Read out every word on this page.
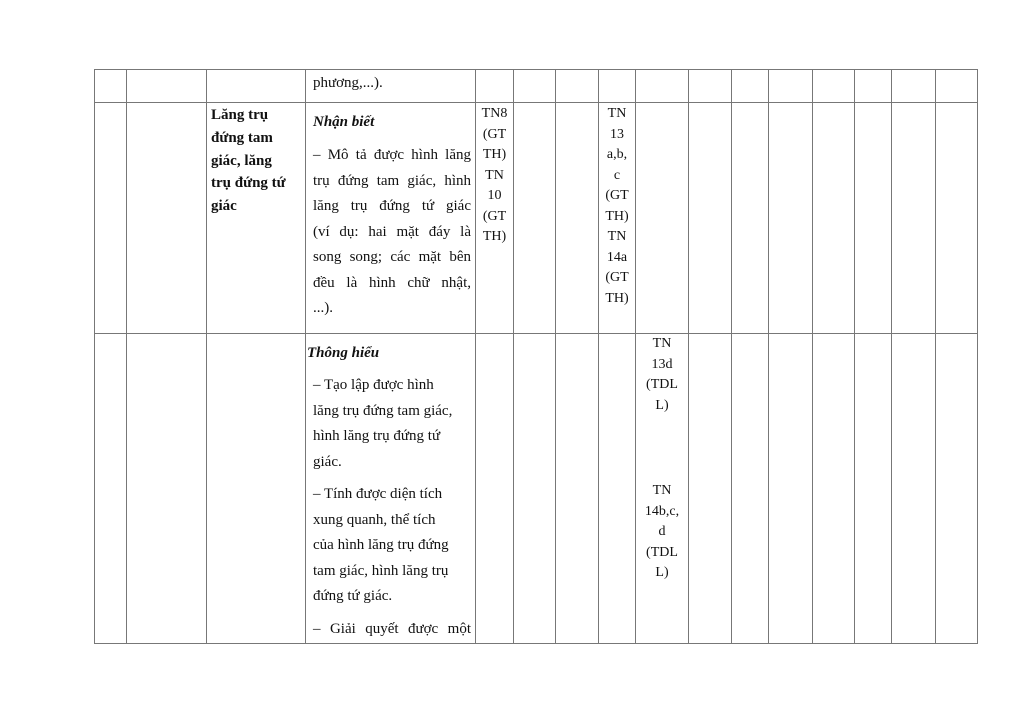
phương,...).
Lăng trụ
đứng tam
giác, lăng
trụ đứng tứ
giác
Nhận biết
– Mô tả được hình lăng
trụ đứng tam giác, hình
lăng trụ đứng tứ giác
(ví dụ: hai mặt đáy là
song song; các mặt bên
đều là hình chữ nhật,
...).
TN8
(GT
TH)
TN
10
(GT
TH)
TN
13
a,b,
c
(GT
TH)
TN
14a
(GT
TH)
Thông hiểu
– Tạo lập được hình
lăng trụ đứng tam giác,
hình lăng trụ đứng tứ
giác.
– Tính được diện tích
xung quanh, thể tích
của hình lăng trụ đứng
tam giác, hình lăng trụ
đứng tứ giác.
– Giải quyết được một
TN
13d
(TDL
L)
TN
14b,c,
d
(TDL
L)
